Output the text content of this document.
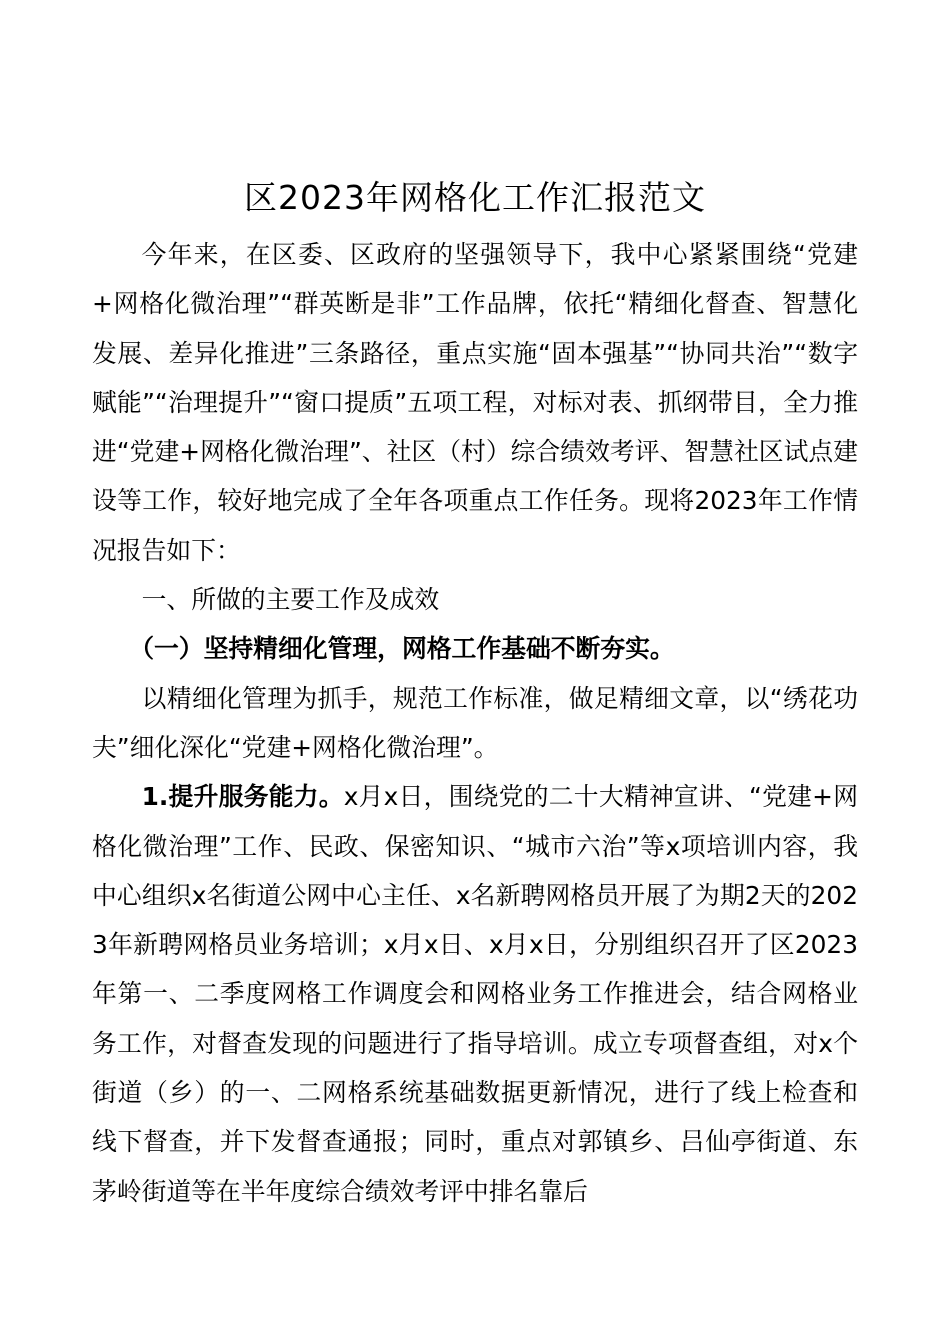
区2023年网格化工作汇报范文

今年来，在区委、区政府的坚强领导下，我中心紧紧围绕“党建+网格化微治理”“群英断是非”工作品牌，依托“精细化督查、智慧化发展、差异化推进”三条路径，重点实施“固本强基”“协同共治”“数字赋能”“治理提升”“窗口提质”五项工程，对标对表、抓纲带目，全力推进“党建+网格化微治理”、社区（村）综合绩效考评、智慧社区试点建设等工作，较好地完成了全年各项重点工作任务。现将2023年工作情况报告如下：

一、所做的主要工作及成效

（一）坚持精细化管理，网格工作基础不断夯实。

以精细化管理为抓手，规范工作标准，做足精细文章，以“绣花功夫”细化深化“党建+网格化微治理”。

1.提升服务能力。x月x日，围绕党的二十大精神宣讲、“党建+网格化微治理”工作、民政、保密知识、“城市六治”等x项培训内容，我中心组织x名街道公网中心主任、x名新聘网格员开展了为期2天的2023年新聘网格员业务培训；x月x日、x月x日，分别组织召开了区2023年第一、二季度网格工作调度会和网格业务工作推进会，结合网格业务工作，对督查发现的问题进行了指导培训。成立专项督查组，对x个街道（乡）的一、二网格系统基础数据更新情况，进行了线上检查和线下督查，并下发督查通报；同时，重点对郭镇乡、吕仙亭街道、东茅岭街道等在半年度综合绩效考评中排名靠后
